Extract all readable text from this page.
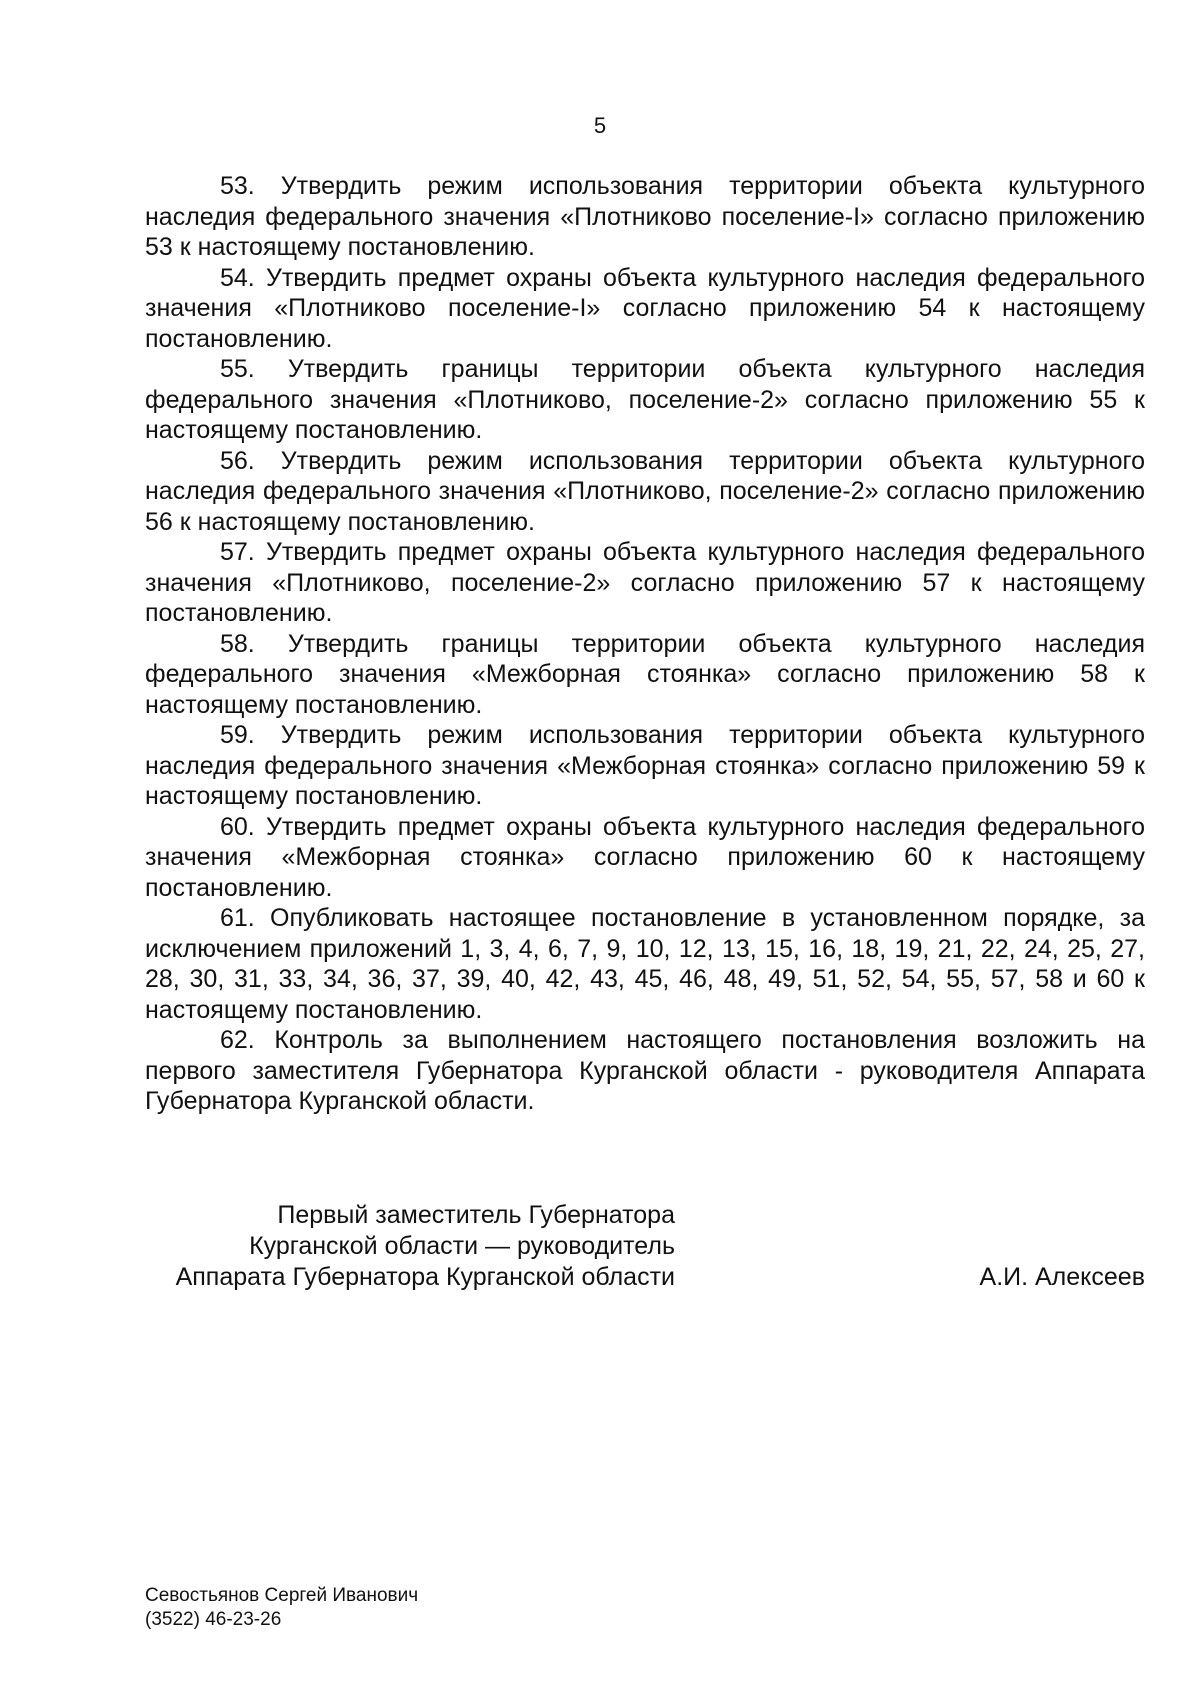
5

53. Утвердить режим использования территории объекта культурного наследия федерального значения «Плотниково поселение-I» согласно приложению 53 к настоящему постановлению.

54. Утвердить предмет охраны объекта культурного наследия федерального значения «Плотниково поселение-I» согласно приложению 54 к настоящему постановлению.

55. Утвердить границы территории объекта культурного наследия федерального значения «Плотниково, поселение-2» согласно приложению 55 к настоящему постановлению.

56. Утвердить режим использования территории объекта культурного наследия федерального значения «Плотниково, поселение-2» согласно приложению 56 к настоящему постановлению.

57. Утвердить предмет охраны объекта культурного наследия федерального значения «Плотниково, поселение-2» согласно приложению 57 к настоящему постановлению.

58. Утвердить границы территории объекта культурного наследия федерального значения «Межборная стоянка» согласно приложению 58 к настоящему постановлению.

59. Утвердить режим использования территории объекта культурного наследия федерального значения «Межборная стоянка» согласно приложению 59 к настоящему постановлению.

60. Утвердить предмет охраны объекта культурного наследия федерального значения «Межборная стоянка» согласно приложению 60 к настоящему постановлению.

61. Опубликовать настоящее постановление в установленном порядке, за исключением приложений 1, 3, 4, 6, 7, 9, 10, 12, 13, 15, 16, 18, 19, 21, 22, 24, 25, 27, 28, 30, 31, 33, 34, 36, 37, 39, 40, 42, 43, 45, 46, 48, 49, 51, 52, 54, 55, 57, 58 и 60 к настоящему постановлению.

62. Контроль за выполнением настоящего постановления возложить на первого заместителя Губернатора Курганской области - руководителя Аппарата Губернатора Курганской области.

Первый заместитель Губернатора
Курганской области — руководитель
Аппарата Губернатора Курганской области	А.И. Алексеев
Севостьянов Сергей Иванович
(3522) 46-23-26
